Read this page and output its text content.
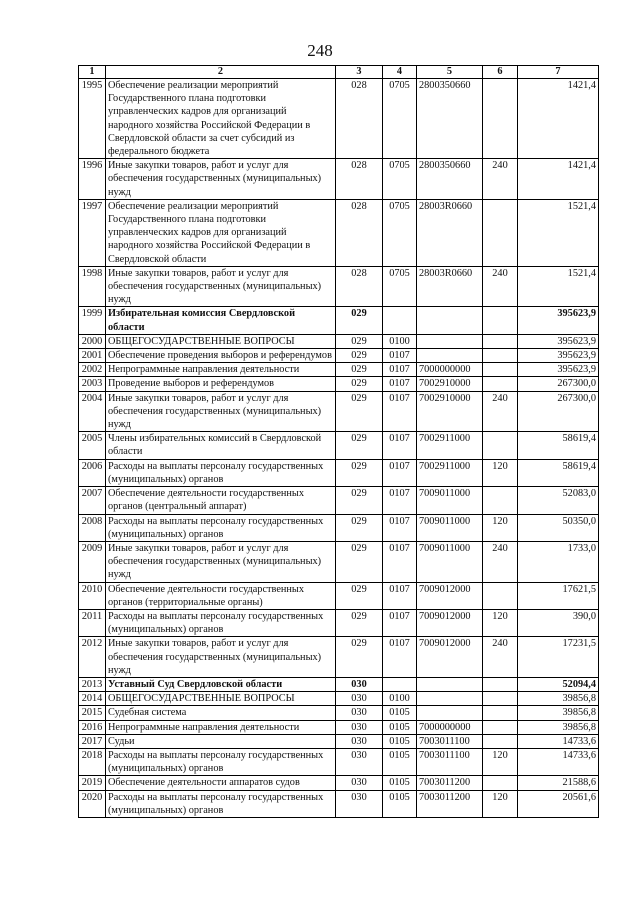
248
1	2	3	4	5	6	7
1995	Обеспечение реализации мероприятий Государственного плана подготовки управленческих кадров для организаций народного хозяйства Российской Федерации в Свердловской области за счет субсидий из федерального бюджета	028	0705	2800350660		1421,4
1996	Иные закупки товаров, работ и услуг для обеспечения государственных (муниципальных) нужд	028	0705	2800350660	240	1421,4
1997	Обеспечение реализации мероприятий Государственного плана подготовки управленческих кадров для организаций народного хозяйства Российской Федерации в Свердловской области	028	0705	28003R0660		1521,4
1998	Иные закупки товаров, работ и услуг для обеспечения государственных (муниципальных) нужд	028	0705	28003R0660	240	1521,4
1999	Избирательная комиссия Свердловской области	029				395623,9
2000	ОБЩЕГОСУДАРСТВЕННЫЕ ВОПРОСЫ	029	0100			395623,9
2001	Обеспечение проведения выборов и референдумов	029	0107			395623,9
2002	Непрограммные направления деятельности	029	0107	7000000000		395623,9
2003	Проведение выборов и референдумов	029	0107	7002910000		267300,0
2004	Иные закупки товаров, работ и услуг для обеспечения государственных (муниципальных) нужд	029	0107	7002910000	240	267300,0
2005	Члены избирательных комиссий в Свердловской области	029	0107	7002911000		58619,4
2006	Расходы на выплаты персоналу государственных (муниципальных) органов	029	0107	7002911000	120	58619,4
2007	Обеспечение деятельности государственных органов (центральный аппарат)	029	0107	7009011000		52083,0
2008	Расходы на выплаты персоналу государственных (муниципальных) органов	029	0107	7009011000	120	50350,0
2009	Иные закупки товаров, работ и услуг для обеспечения государственных (муниципальных) нужд	029	0107	7009011000	240	1733,0
2010	Обеспечение деятельности государственных органов (территориальные органы)	029	0107	7009012000		17621,5
2011	Расходы на выплаты персоналу государственных (муниципальных) органов	029	0107	7009012000	120	390,0
2012	Иные закупки товаров, работ и услуг для обеспечения государственных (муниципальных) нужд	029	0107	7009012000	240	17231,5
2013	Уставный Суд Свердловской области	030				52094,4
2014	ОБЩЕГОСУДАРСТВЕННЫЕ ВОПРОСЫ	030	0100			39856,8
2015	Судебная система	030	0105			39856,8
2016	Непрограммные направления деятельности	030	0105	7000000000		39856,8
2017	Судьи	030	0105	7003011100		14733,6
2018	Расходы на выплаты персоналу государственных (муниципальных) органов	030	0105	7003011100	120	14733,6
2019	Обеспечение деятельности аппаратов судов	030	0105	7003011200		21588,6
2020	Расходы на выплаты персоналу государственных (муниципальных) органов	030	0105	7003011200	120	20561,6
